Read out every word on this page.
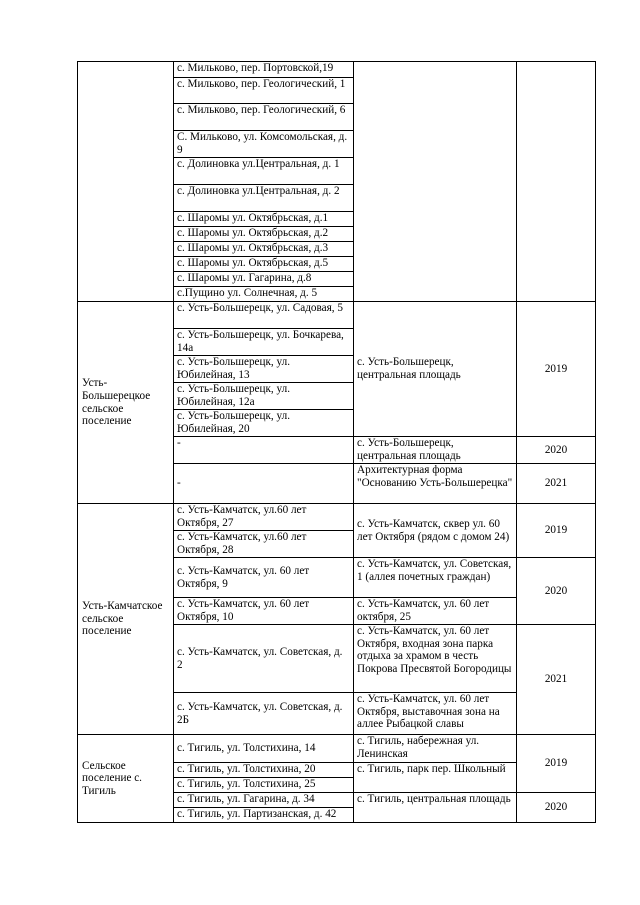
	с. Мильково, пер. Портовской,19		
	с. Мильково, пер. Геологический, 1		
	с. Мильково, пер. Геологический, 6		
	С. Мильково, ул. Комсомольская, д. 9		
	с. Долиновка ул.Центральная, д. 1		
	с. Долиновка ул.Центральная, д. 2		
	с. Шаромы ул. Октябрьская, д.1		
	с. Шаромы ул. Октябрьская, д.2		
	с. Шаромы ул. Октябрьская, д.3		
	с. Шаромы ул. Октябрьская, д.5		
	с. Шаромы ул. Гагарина, д.8		
	с.Пущино ул. Солнечная, д. 5		
Усть-Большерецкое сельское поселение	с. Усть-Большерецк, ул. Садовая, 5	с. Усть-Большерецк, центральная площадь	2019
	с. Усть-Большерецк, ул. Бочкарева, 14а		
	с. Усть-Большерецк, ул. Юбилейная, 13		
	с. Усть-Большерецк, ул. Юбилейная, 12а		
	с. Усть-Большерецк, ул. Юбилейная, 20		
	-	с. Усть-Большерецк, центральная площадь	2020
	-	Архитектурная форма "Основанию Усть-Большерецка"	2021
Усть-Камчатское сельское поселение	с. Усть-Камчатск, ул.60 лет Октября, 27	с. Усть-Камчатск, сквер ул. 60 лет Октября (рядом с домом 24)	2019
	с. Усть-Камчатск, ул.60 лет Октября, 28		
	с. Усть-Камчатск, ул. 60 лет Октября, 9	с. Усть-Камчатск, ул. Советская, 1 (аллея почетных граждан)	2020
	с. Усть-Камчатск, ул. 60 лет Октября, 10	с. Усть-Камчатск, ул. 60 лет октября, 25	
	с. Усть-Камчатск, ул. Советская, д. 2	с. Усть-Камчатск, ул. 60 лет Октября, входная зона парка отдыха за храмом в честь Покрова Пресвятой Богородицы	2021
	с. Усть-Камчатск, ул. Советская, д. 2Б	с. Усть-Камчатск, ул. 60 лет Октября, выставочная зона на аллее Рыбацкой славы	
Сельское поселение с. Тигиль	с. Тигиль, ул. Толстихина, 14	с. Тигиль, набережная ул. Ленинская	2019
	с. Тигиль, ул. Толстихина, 20	с. Тигиль, парк пер. Школьный	
	с. Тигиль, ул. Толстихина, 25		
	с. Тигиль, ул. Гагарина, д. 34	с. Тигиль, центральная площадь	2020
	с. Тигиль, ул. Партизанская, д. 42		
